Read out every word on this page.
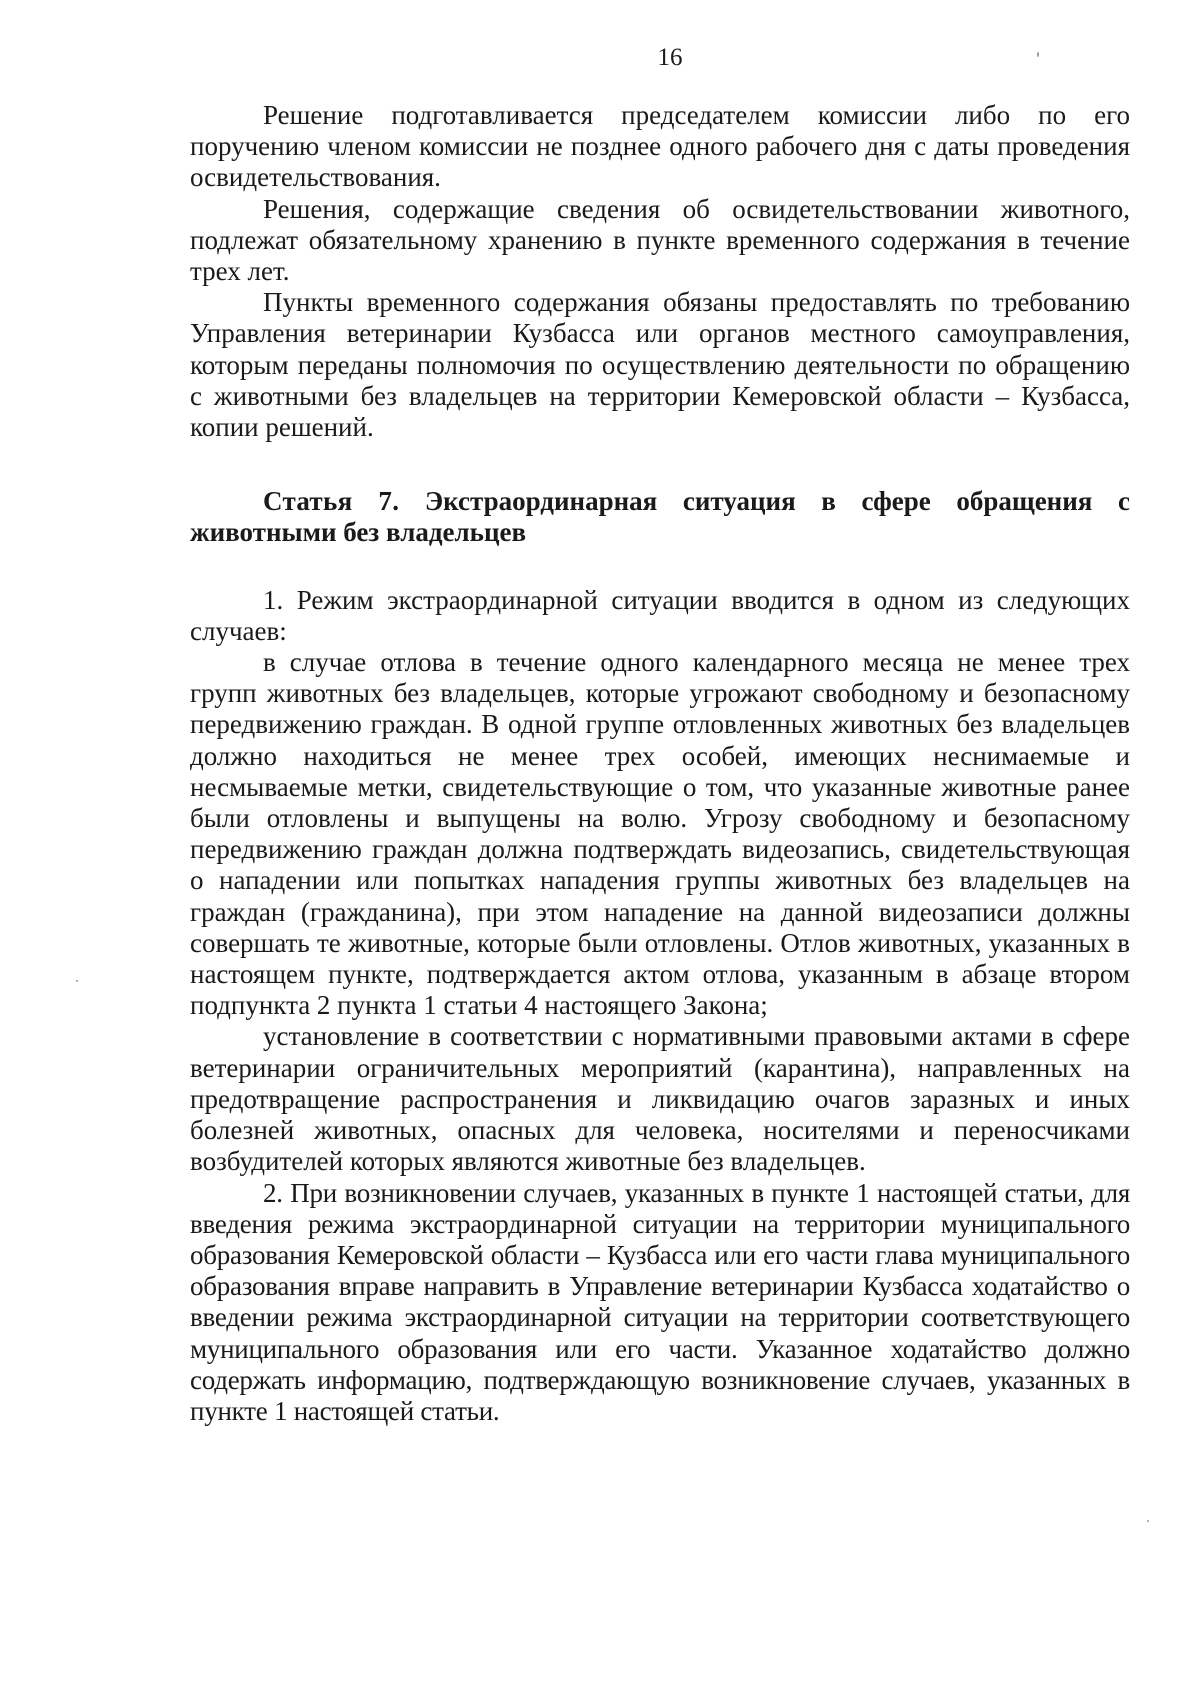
16

Решение подготавливается председателем комиссии либо по его поручению членом комиссии не позднее одного рабочего дня с даты проведения освидетельствования.

Решения, содержащие сведения об освидетельствовании животного, подлежат обязательному хранению в пункте временного содержания в течение трех лет.

Пункты временного содержания обязаны предоставлять по требованию Управления ветеринарии Кузбасса или органов местного самоуправления, которым переданы полномочия по осуществлению деятельности по обращению с животными без владельцев на территории Кемеровской области – Кузбасса, копии решений.

Статья 7. Экстраординарная ситуация в сфере обращения с животными без владельцев

1. Режим экстраординарной ситуации вводится в одном из следующих случаев:

в случае отлова в течение одного календарного месяца не менее трех групп животных без владельцев, которые угрожают свободному и безопасному передвижению граждан. В одной группе отловленных животных без владельцев должно находиться не менее трех особей, имеющих неснимаемые и несмываемые метки, свидетельствующие о том, что указанные животные ранее были отловлены и выпущены на волю. Угрозу свободному и безопасному передвижению граждан должна подтверждать видеозапись, свидетельствующая о нападении или попытках нападения группы животных без владельцев на граждан (гражданина), при этом нападение на данной видеозаписи должны совершать те животные, которые были отловлены. Отлов животных, указанных в настоящем пункте, подтверждается актом отлова, указанным в абзаце втором подпункта 2 пункта 1 статьи 4 настоящего Закона;

установление в соответствии с нормативными правовыми актами в сфере ветеринарии ограничительных мероприятий (карантина), направленных на предотвращение распространения и ликвидацию очагов заразных и иных болезней животных, опасных для человека, носителями и переносчиками возбудителей которых являются животные без владельцев.

2. При возникновении случаев, указанных в пункте 1 настоящей статьи, для введения режима экстраординарной ситуации на территории муниципального образования Кемеровской области – Кузбасса или его части глава муниципального образования вправе направить в Управление ветеринарии Кузбасса ходатайство о введении режима экстраординарной ситуации на территории соответствующего муниципального образования или его части. Указанное ходатайство должно содержать информацию, подтверждающую возникновение случаев, указанных в пункте 1 настоящей статьи.
